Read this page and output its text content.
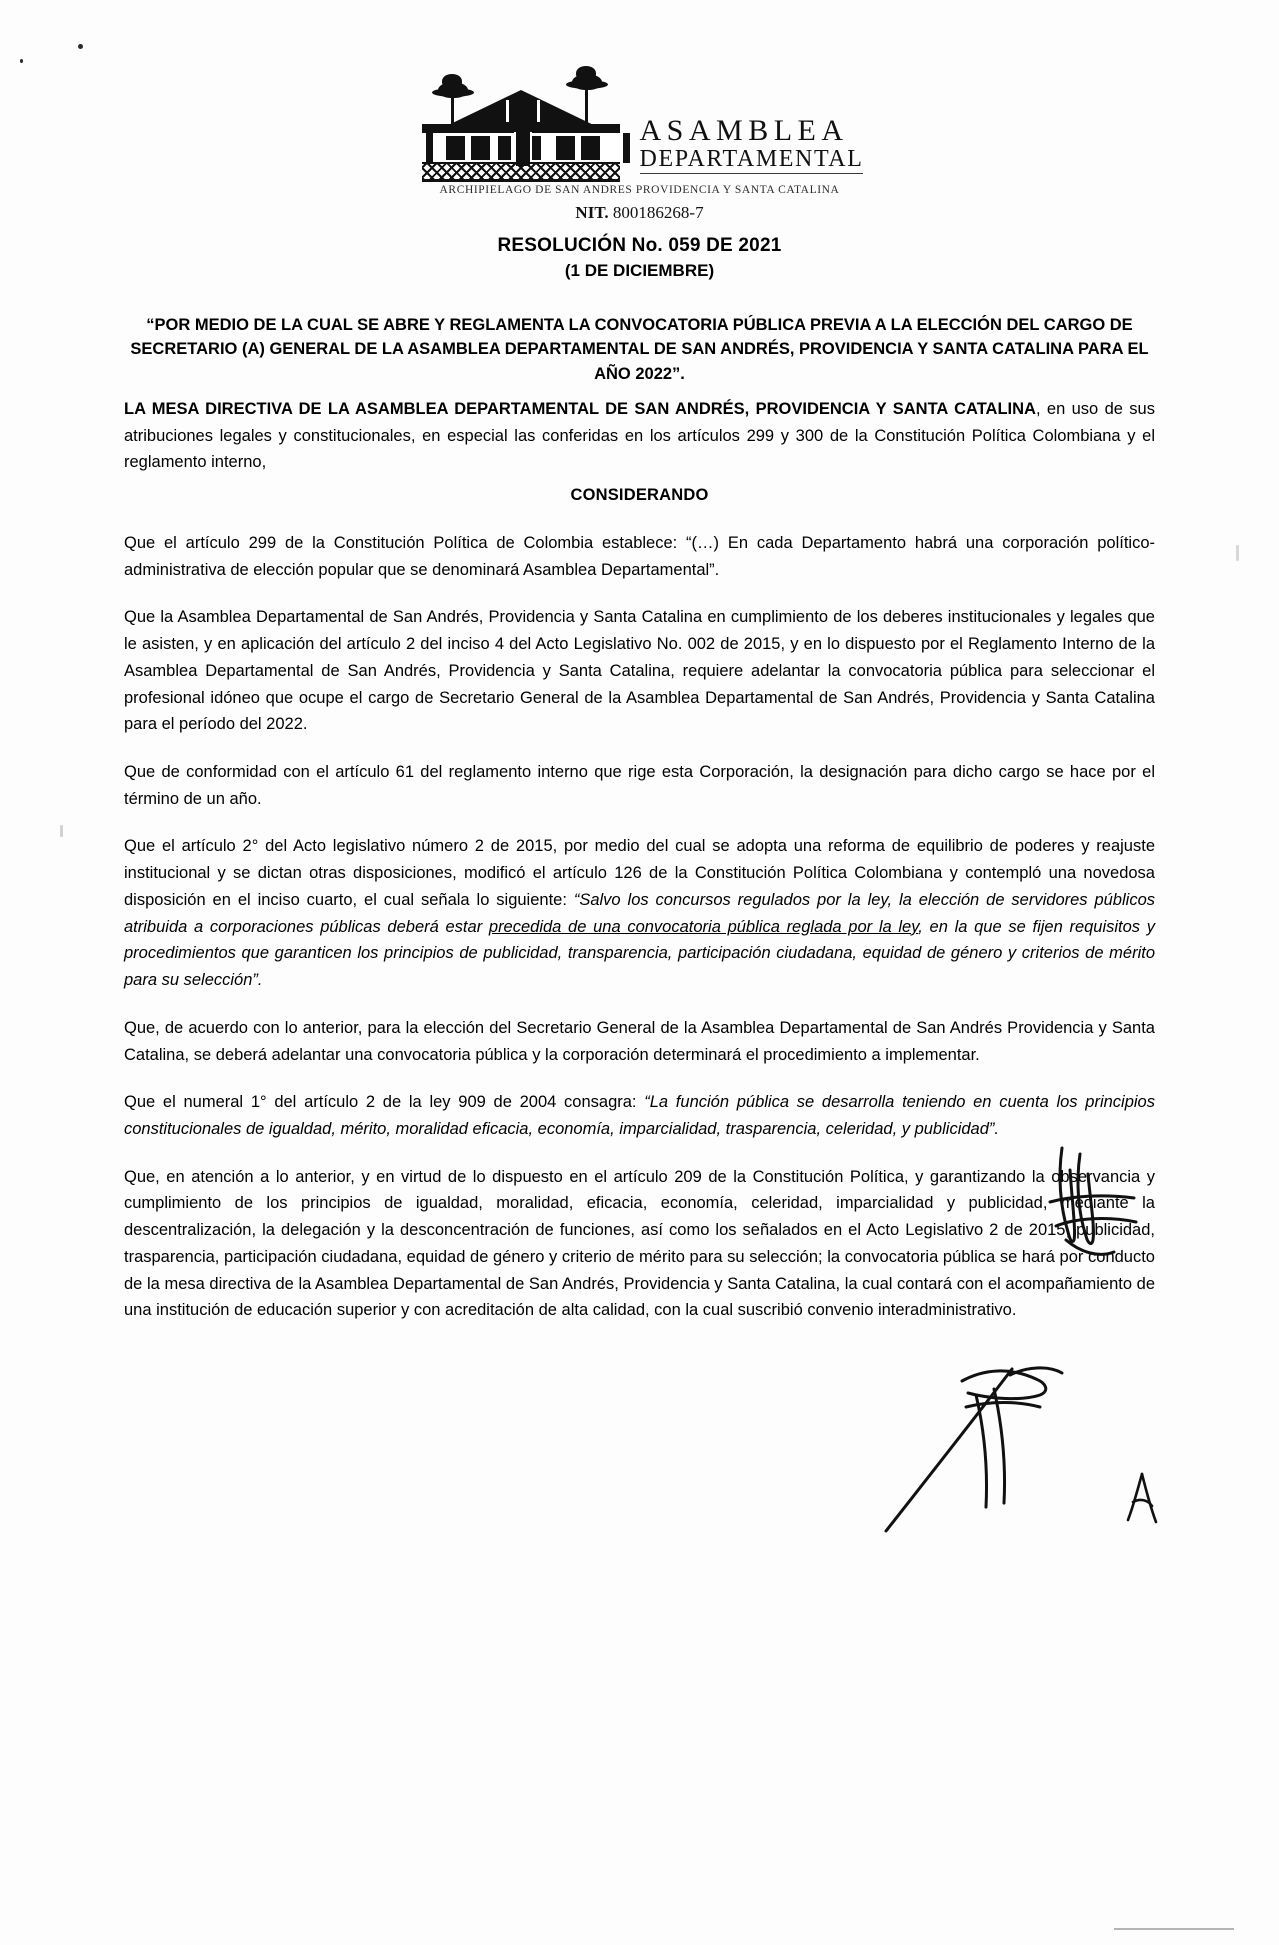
ASAMBLEA
DEPARTAMENTAL
ARCHIPIELAGO DE SAN ANDRES PROVIDENCIA Y SANTA CATALINA
NIT. 800186268-7
RESOLUCIÓN No. 059 DE 2021
(1 DE DICIEMBRE)
“POR MEDIO DE LA CUAL SE ABRE Y REGLAMENTA LA CONVOCATORIA PÚBLICA PREVIA A LA ELECCIÓN DEL CARGO DE SECRETARIO (A) GENERAL DE LA ASAMBLEA DEPARTAMENTAL DE SAN ANDRÉS, PROVIDENCIA Y SANTA CATALINA PARA EL AÑO 2022”.
LA MESA DIRECTIVA DE LA ASAMBLEA DEPARTAMENTAL DE SAN ANDRÉS, PROVIDENCIA Y SANTA CATALINA, en uso de sus atribuciones legales y constitucionales, en especial las conferidas en los artículos 299 y 300 de la Constitución Política Colombiana y el reglamento interno,
CONSIDERANDO

Que el artículo 299 de la Constitución Política de Colombia establece: “(…) En cada Departamento habrá una corporación político-administrativa de elección popular que se denominará Asamblea Departamental”.

Que la Asamblea Departamental de San Andrés, Providencia y Santa Catalina en cumplimiento de los deberes institucionales y legales que le asisten, y en aplicación del artículo 2 del inciso 4 del Acto Legislativo No. 002 de 2015, y en lo dispuesto por el Reglamento Interno de la Asamblea Departamental de San Andrés, Providencia y Santa Catalina, requiere adelantar la convocatoria pública para seleccionar el profesional idóneo que ocupe el cargo de Secretario General de la Asamblea Departamental de San Andrés, Providencia y Santa Catalina para el período del 2022.

Que de conformidad con el artículo 61 del reglamento interno que rige esta Corporación, la designación para dicho cargo se hace por el término de un año.

Que el artículo 2° del Acto legislativo número 2 de 2015, por medio del cual se adopta una reforma de equilibrio de poderes y reajuste institucional y se dictan otras disposiciones, modificó el artículo 126 de la Constitución Política Colombiana y contempló una novedosa disposición en el inciso cuarto, el cual señala lo siguiente: “Salvo los concursos regulados por la ley, la elección de servidores públicos atribuida a corporaciones públicas deberá estar precedida de una convocatoria pública reglada por la ley, en la que se fijen requisitos y procedimientos que garanticen los principios de publicidad, transparencia, participación ciudadana, equidad de género y criterios de mérito para su selección”.

Que, de acuerdo con lo anterior, para la elección del Secretario General de la Asamblea Departamental de San Andrés Providencia y Santa Catalina, se deberá adelantar una convocatoria pública y la corporación determinará el procedimiento a implementar.

Que el numeral 1° del artículo 2 de la ley 909 de 2004 consagra: “La función pública se desarrolla teniendo en cuenta los principios constitucionales de igualdad, mérito, moralidad eficacia, economía, imparcialidad, trasparencia, celeridad, y publicidad”.

Que, en atención a lo anterior, y en virtud de lo dispuesto en el artículo 209 de la Constitución Política, y garantizando la observancia y cumplimiento de los principios de igualdad, moralidad, eficacia, economía, celeridad, imparcialidad y publicidad, mediante la descentralización, la delegación y la desconcentración de funciones, así como los señalados en el Acto Legislativo 2 de 2015, publicidad, trasparencia, participación ciudadana, equidad de género y criterio de mérito para su selección; la convocatoria pública se hará por conducto de la mesa directiva de la Asamblea Departamental de San Andrés, Providencia y Santa Catalina, la cual contará con el acompañamiento de una institución de educación superior y con acreditación de alta calidad, con la cual suscribió convenio interadministrativo.
